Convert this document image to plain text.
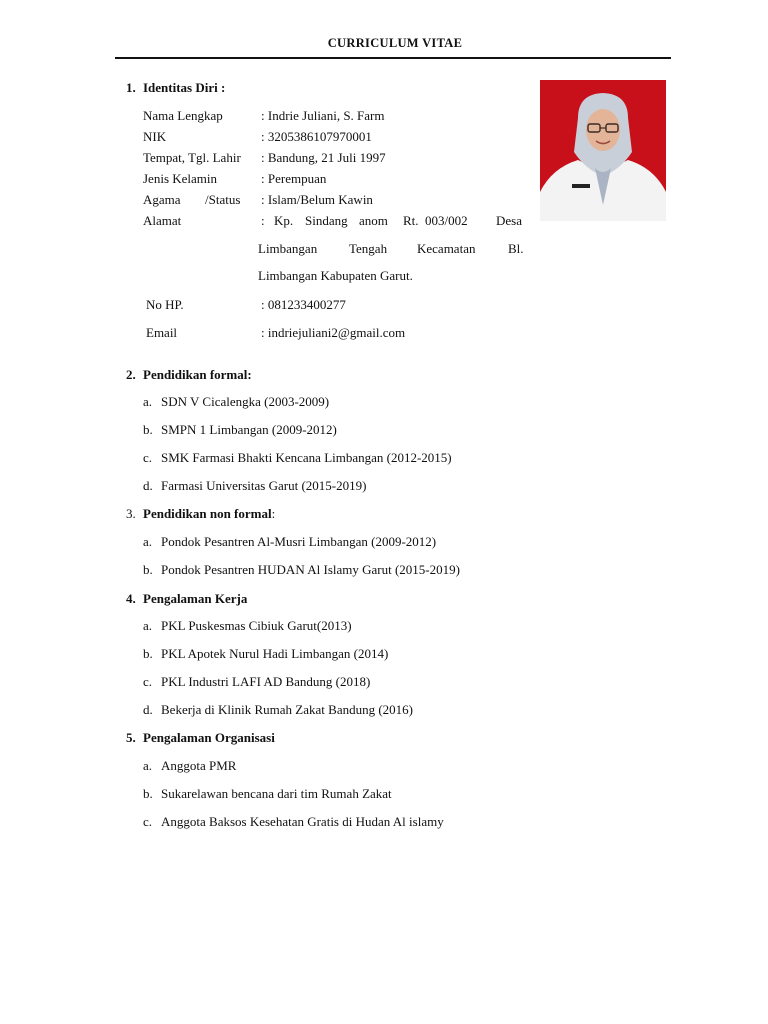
CURRICULUM VITAE
1. Identitas Diri :
Nama Lengkap	: Indrie Juliani, S. Farm
NIK	: 3205386107970001
Tempat, Tgl. Lahir : Bandung, 21 Juli 1997
Jenis Kelamin	: Perempuan
Agama /Status : Islam/Belum Kawin
Alamat	: Kp. Sindang anom Rt. 003/002 Desa
Limbangan Tengah Kecamatan	Bl.
Limbangan Kabupaten Garut.
No HP.	: 081233400277
Email	: indriejuliani2@gmail.com
2. Pendidikan formal:
a. SDN V Cicalengka (2003-2009)
b. SMPN 1 Limbangan (2009-2012)
c. SMK Farmasi Bhakti Kencana Limbangan (2012-2015)
d. Farmasi Universitas Garut (2015-2019)
3. Pendidikan non formal:
a. Pondok Pesantren Al-Musri Limbangan (2009-2012)
b. Pondok Pesantren HUDAN Al Islamy Garut (2015-2019)
4. Pengalaman Kerja
a. PKL Puskesmas Cibiuk Garut(2013)
b. PKL Apotek Nurul Hadi Limbangan (2014)
c. PKL Industri LAFI AD Bandung (2018)
d. Bekerja di Klinik Rumah Zakat Bandung (2016)
5. Pengalaman Organisasi
a. Anggota PMR
b. Sukarelawan bencana dari tim Rumah Zakat
c. Anggota Baksos Kesehatan Gratis di Hudan Al islamy
